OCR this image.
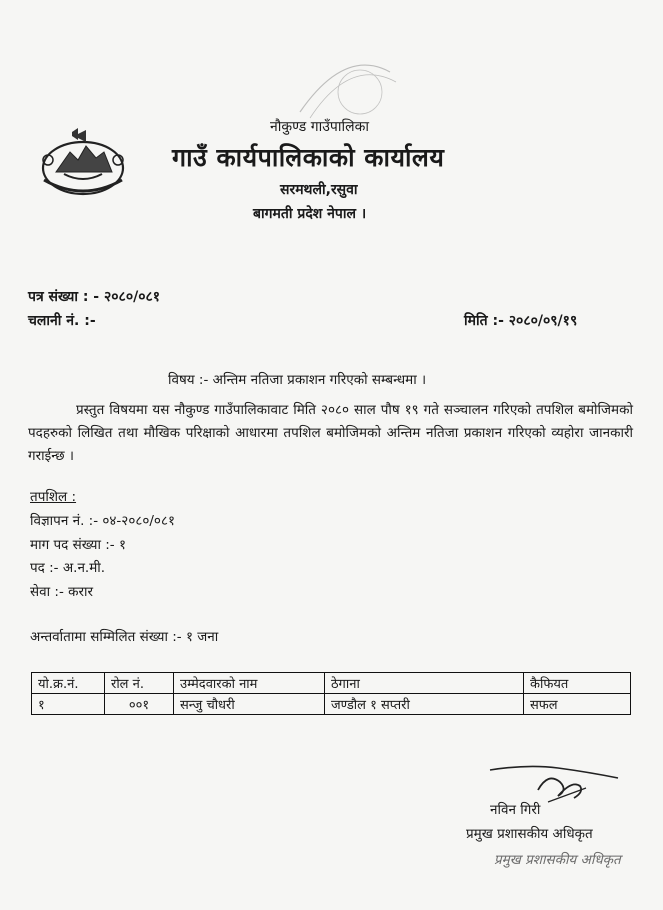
नौकुण्ड गाउँपालिका
गाउँ कार्यपालिकाको कार्यालय
सरमथली,रसुवा
बागमती प्रदेश नेपाल ।
पत्र संख्या : - २०८०/०८१
चलानी नं. :-	मिति :- २०८०/०९/१९
विषय :- अन्तिम नतिजा प्रकाशन गरिएको सम्बन्धमा ।

प्रस्तुत विषयमा यस नौकुण्ड गाउँपालिकावाट मिति २०८० साल पौष १९ गते सञ्चालन गरिएको तपशिल बमोजिमको पदहरुको लिखित तथा मौखिक परिक्षाको आधारमा तपशिल बमोजिमको अन्तिम नतिजा प्रकाशन गरिएको व्यहोरा जानकारी गराईन्छ ।

तपशिल :
विज्ञापन नं. :- ०४-२०८०/०८१
माग पद संख्या :- १
पद :- अ.न.मी.
सेवा :- करार
अन्तर्वातामा सम्मिलित संख्या :- १ जना
यो.क्र.नं.	रोल नं.	उम्मेदवारको नाम	ठेगाना	कैफियत
१	००१	सन्जु चौधरी	जण्डौल १ सप्तरी	सफल
नविन गिरी
प्रमुख प्रशासकीय अधिकृत
प्रमुख प्रशासकीय अधिकृत
